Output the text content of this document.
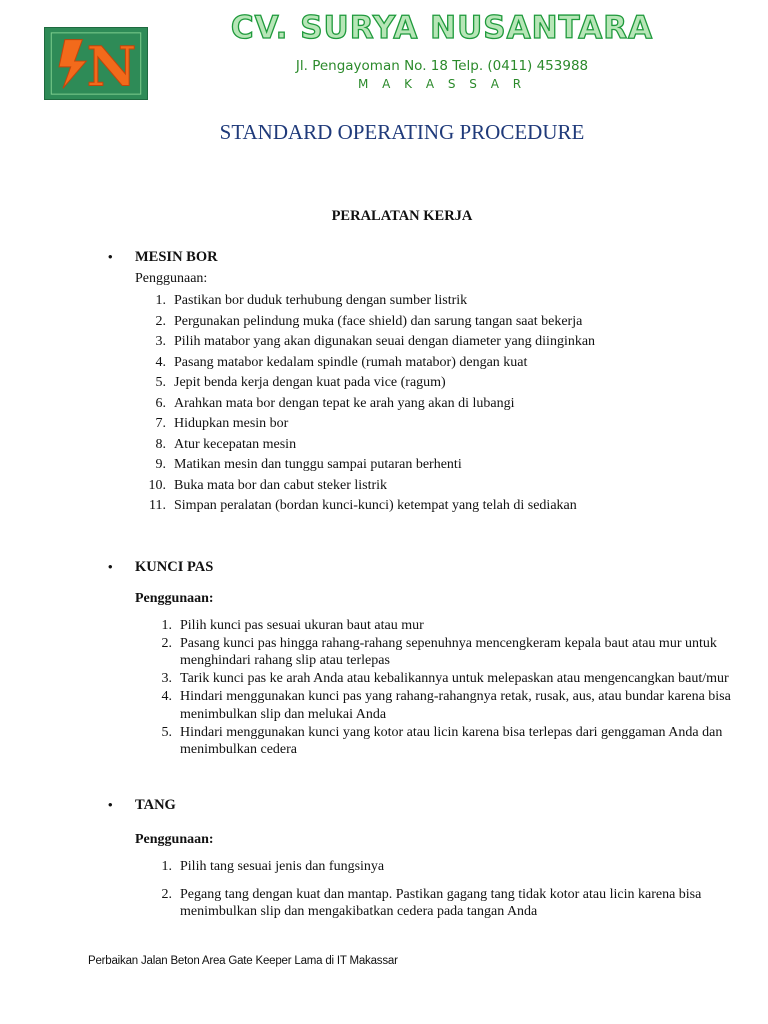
N
CV. SURYA NUSANTARA
Jl. Pengayoman No. 18 Telp. (0411) 453988
M A K A S S A R
STANDARD OPERATING PROCEDURE
PERALATAN KERJA

• MESIN BOR

Penggunaan:

1. Pastikan bor duduk terhubung dengan sumber listrik
2. Pergunakan pelindung muka (face shield) dan sarung tangan saat bekerja
3. Pilih matabor yang akan digunakan seuai dengan diameter yang diinginkan
4. Pasang matabor kedalam spindle (rumah matabor) dengan kuat
5. Jepit benda kerja dengan kuat pada vice (ragum)
6. Arahkan mata bor dengan tepat ke arah yang akan di lubangi
7. Hidupkan mesin bor
8. Atur kecepatan mesin
9. Matikan mesin dan tunggu sampai putaran berhenti
10. Buka mata bor dan cabut steker listrik
11. Simpan peralatan (bordan kunci-kunci) ketempat yang telah di sediakan

• KUNCI PAS

Penggunaan:

1. Pilih kunci pas sesuai ukuran baut atau mur
2. Pasang kunci pas hingga rahang-rahang sepenuhnya mencengkeram kepala baut atau mur untuk menghindari rahang slip atau terlepas
3. Tarik kunci pas ke arah Anda atau kebalikannya untuk melepaskan atau mengencangkan baut/mur
4. Hindari menggunakan kunci pas yang rahang-rahangnya retak, rusak, aus, atau bundar karena bisa menimbulkan slip dan melukai Anda
5. Hindari menggunakan kunci yang kotor atau licin karena bisa terlepas dari genggaman Anda dan menimbulkan cedera

• TANG

Penggunaan:

1. Pilih tang sesuai jenis dan fungsinya
2. Pegang tang dengan kuat dan mantap. Pastikan gagang tang tidak kotor atau licin karena bisa menimbulkan slip dan mengakibatkan cedera pada tangan Anda
Perbaikan Jalan Beton Area Gate Keeper Lama di IT Makassar
